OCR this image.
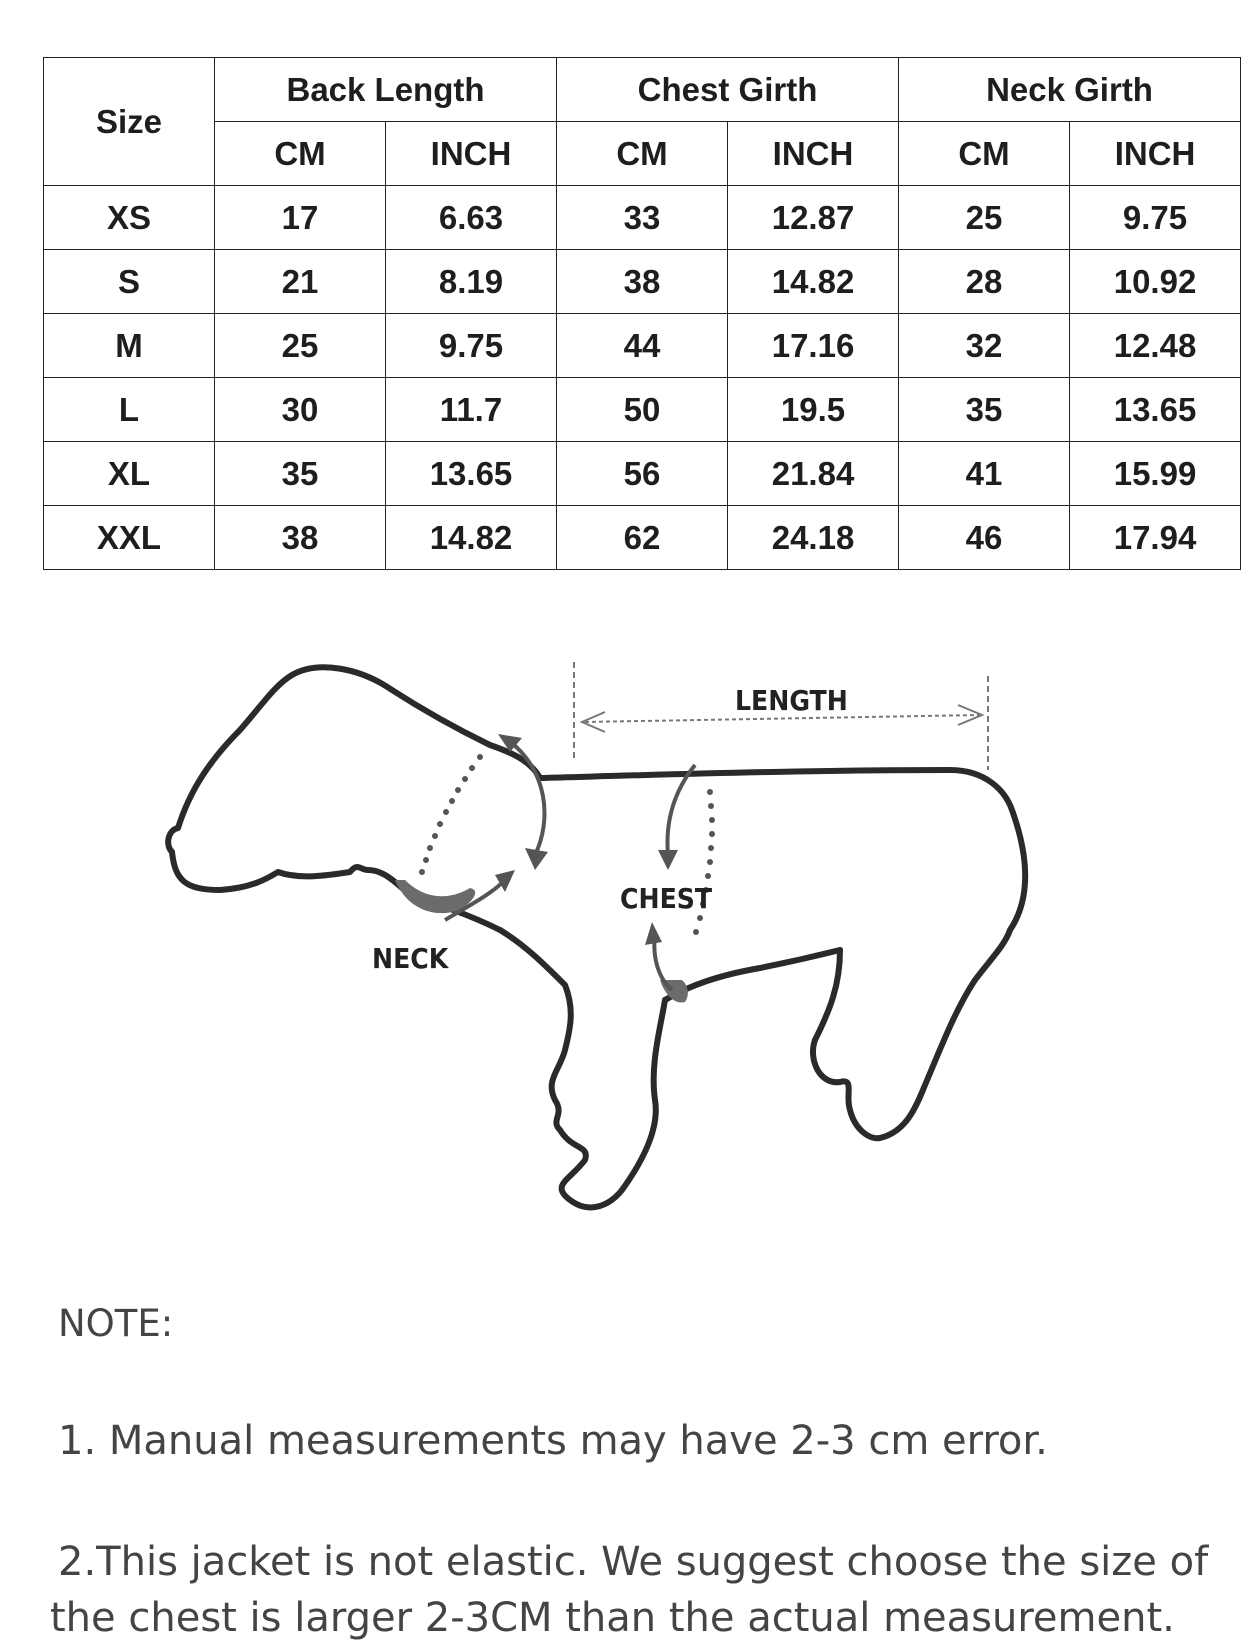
Size	Back Length		Chest Girth		Neck Girth	
	CM	INCH	CM	INCH	CM	INCH
XS	17	6.63	33	12.87	25	9.75
S	21	8.19	38	14.82	28	10.92
M	25	9.75	44	17.16	32	12.48
L	30	11.7	50	19.5	35	13.65
XL	35	13.65	56	21.84	41	15.99
XXL	38	14.82	62	24.18	46	17.94
LENGTH
CHEST
NECK

NOTE:

1. Manual measurements may have 2-3 cm error.

2.This jacket is not elastic. We suggest choose the size of the chest is larger 2-3CM than the actual measurement.
